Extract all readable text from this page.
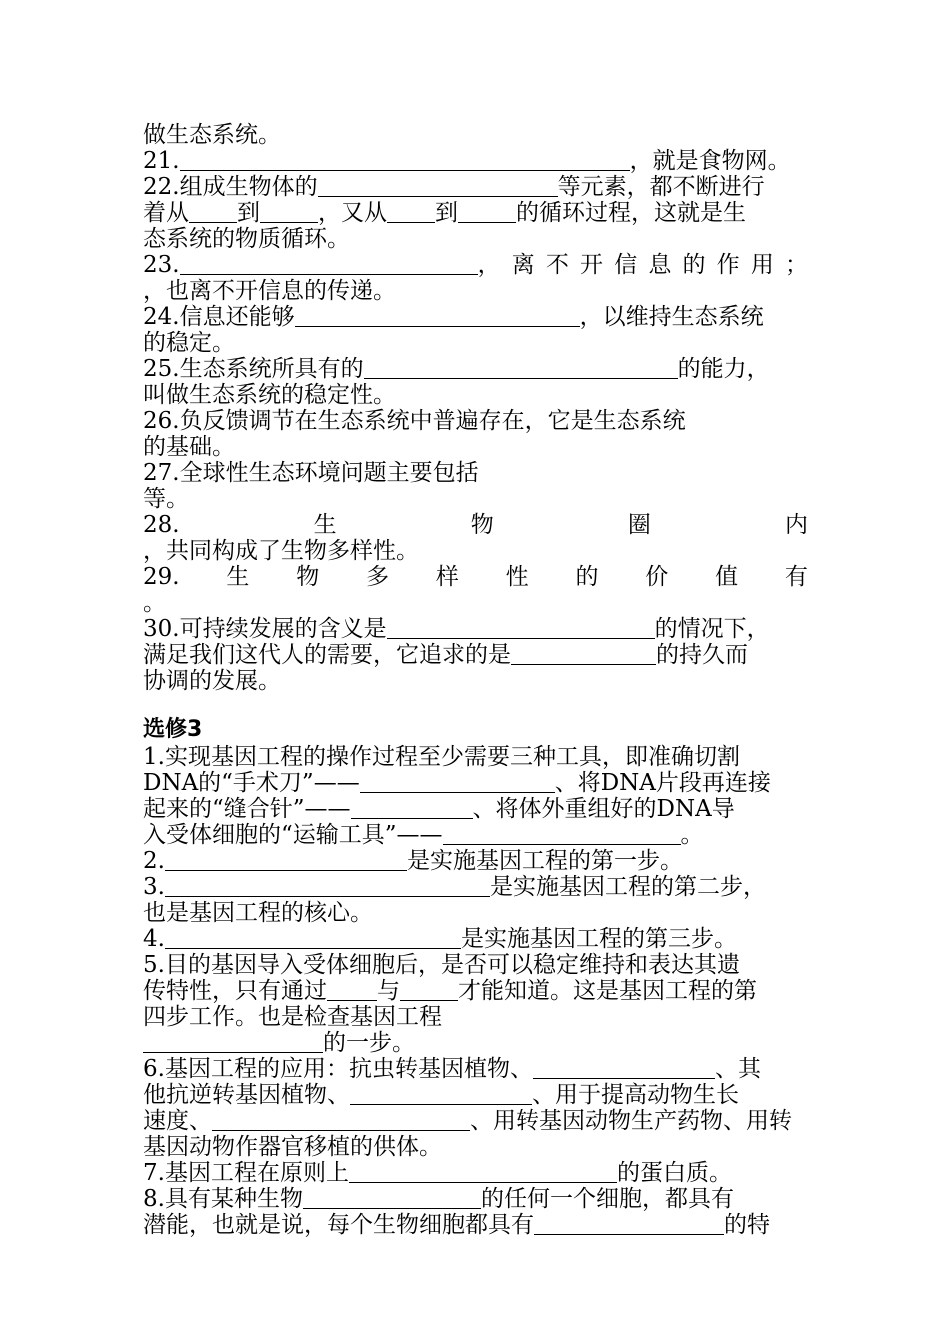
做生态系统。
21.	，就是食物网。
22.组成生物体的	等元素，都不断进行
着从 到	，又从 到	的循环过程，这就是生
态系统的物质循环。
23.	， 离 不 开 信 息 的 作 用 ；
，也离不开信息的传递。
24.信息还能够	，以维持生态系统
的稳定。
25.生态系统所具有的	的能力，
叫做生态系统的稳定性。
26.负反馈调节在生态系统中普遍存在，它是生态系统
的基础。
27.全球性生态环境问题主要包括
等。
28.	生	物	圈	内
，共同构成了生物多样性。
29. 生 物 多 样 性 的 价 值 有
。
30.可持续发展的含义是	的情况下，
满足我们这代人的需要，它追求的是	的持久而
协调的发展。
选修3
1.实现基因工程的操作过程至少需要三种工具，即准确切割
DNA的“手术刀”——	、将DNA片段再连接
起来的“缝合针”——	、将体外重组好的DNA导
入受体细胞的“运输工具”——	。
2.	是实施基因工程的第一步。
3.	是实施基因工程的第二步，
也是基因工程的核心。
4.	是实施基因工程的第三步。
5.目的基因导入受体细胞后，是否可以稳定维持和表达其遗
传特性，只有通过 与	才能知道。这是基因工程的第
四步工作。也是检查基因工程
的一步。
6.基因工程的应用：抗虫转基因植物、	、其
他抗逆转基因植物、	、用于提高动物生长
速度、	、用转基因动物生产药物、用转
基因动物作器官移植的供体。
7.基因工程在原则上	的蛋白质。
8.具有某种生物	的任何一个细胞，都具有
潜能，也就是说，每个生物细胞都具有	的特
